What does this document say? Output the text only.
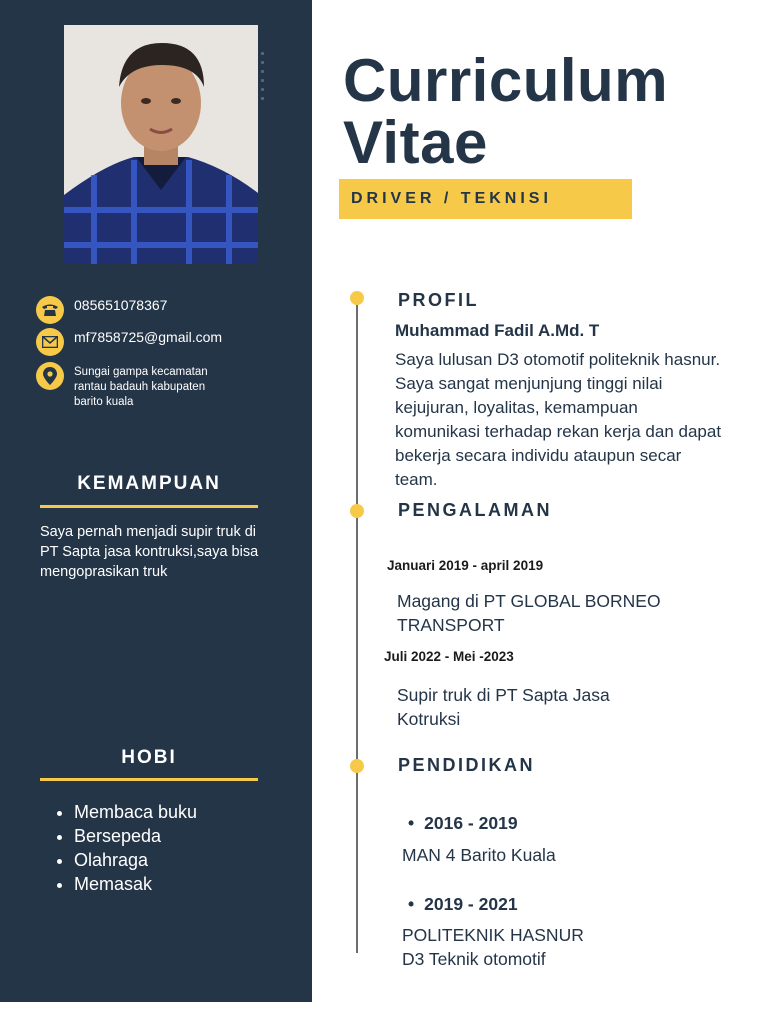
085651078367
mf7858725@gmail.com
Sungai gampa kecamatan rantau badauh kabupaten barito kuala
KEMAMPUAN
Saya pernah menjadi supir truk di PT Sapta jasa kontruksi,saya bisa mengoprasikan truk
HOBI
• Membaca buku
• Bersepeda
• Olahraga
• Memasak
Curriculum
Vitae
DRIVER / TEKNISI
PROFIL
Muhammad Fadil A.Md. T
Saya lulusan D3 otomotif politeknik hasnur. Saya sangat menjunjung tinggi nilai kejujuran, loyalitas, kemampuan komunikasi terhadap rekan kerja dan dapat bekerja secara individu ataupun secar team.
PENGALAMAN
Januari 2019 - april 2019
Magang di PT GLOBAL BORNEO TRANSPORT
Juli 2022 - Mei -2023
Supir truk di PT Sapta Jasa Kotruksi
PENDIDIKAN
• 2016 - 2019
MAN 4 Barito Kuala
• 2019 - 2021
POLITEKNIK HASNUR
D3 Teknik otomotif
